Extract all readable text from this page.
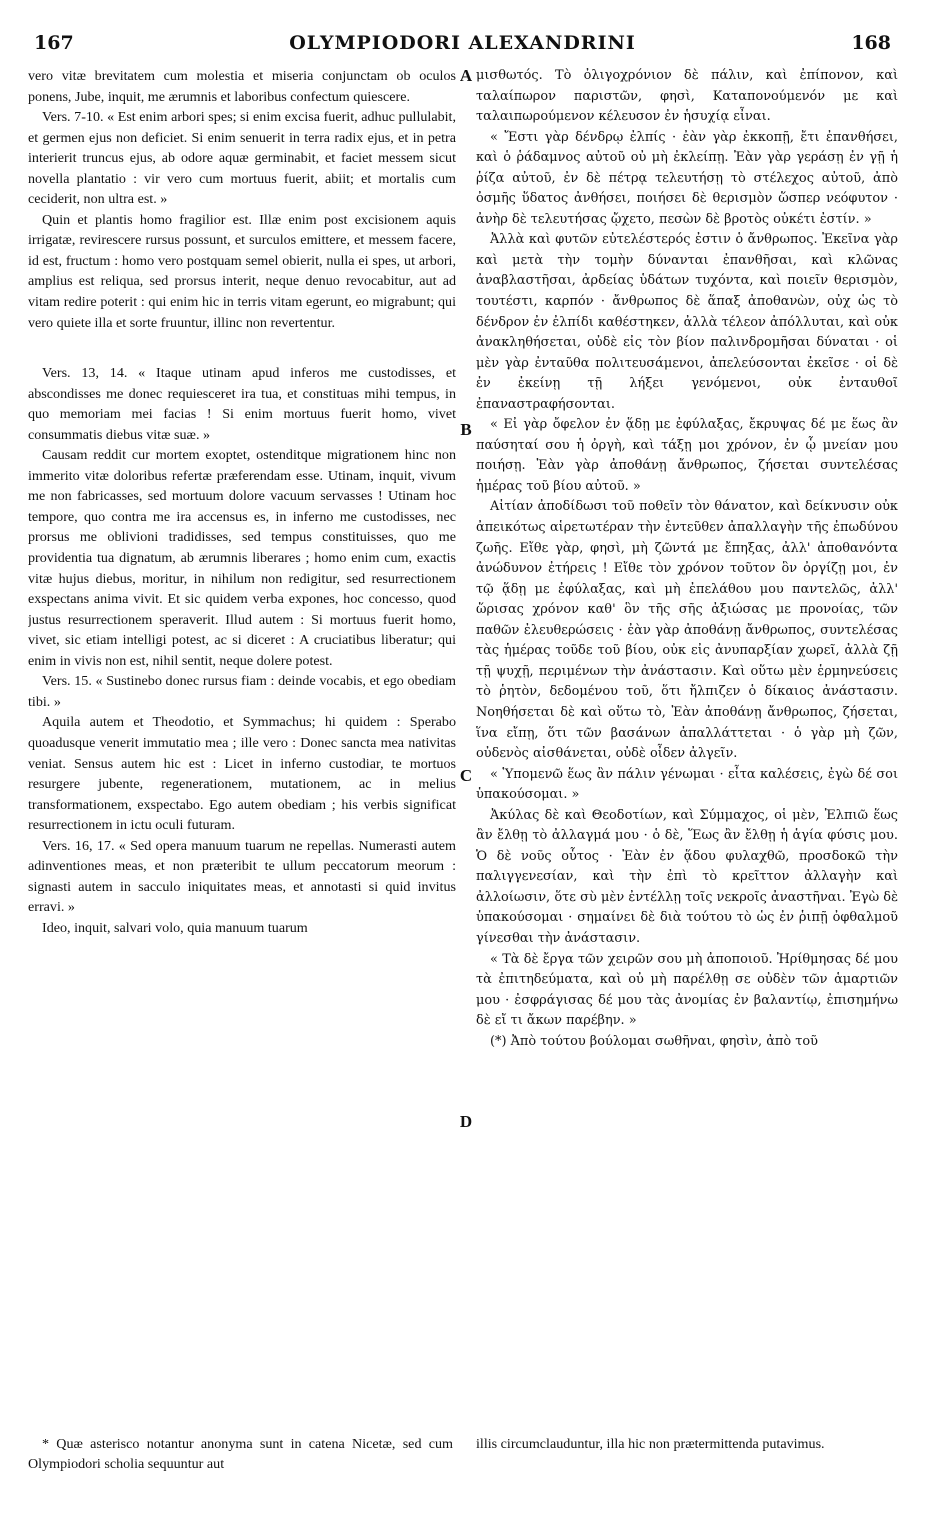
167	OLYMPIODORI ALEXANDRINI	168

vero vitæ brevitatem cum molestia et miseria conjunctam ob oculos ponens, Jube, inquit, me ærumnis et laboribus confectum quiescere.

Vers. 7-10. « Est enim arbori spes; si enim excisa fuerit, adhuc pullulabit, et germen ejus non deficiet. Si enim senuerit in terra radix ejus, et in petra interierit truncus ejus, ab odore aquæ germinabit, et faciet messem sicut novella plantatio : vir vero cum mortuus fuerit, abiit; et mortalis cum ceciderit, non ultra est. »

Quin et plantis homo fragilior est. Illæ enim post excisionem aquis irrigatæ, revirescere rursus possunt, et surculos emittere, et messem facere, id est, fructum : homo vero postquam semel obierit, nulla ei spes, ut arbori, amplius est reliqua, sed prorsus interit, neque denuo revocabitur, aut ad vitam redire poterit : qui enim hic in terris vitam egerunt, eo migrabunt; qui vero quiete illa et sorte fruuntur, illinc non revertentur.

Vers. 13, 14. « Itaque utinam apud inferos me custodisses, et abscondisses me donec requiesceret ira tua, et constituas mihi tempus, in quo memoriam mei facias ! Si enim mortuus fuerit homo, vivet consummatis diebus vitæ suæ. »

Causam reddit cur mortem exoptet, ostenditque migrationem hinc non immerito vitæ doloribus refertæ præferendam esse. Utinam, inquit, vivum me non fabricasses, sed mortuum dolore vacuum servasses ! Utinam hoc tempore, quo contra me ira accensus es, in inferno me custodisses, nec prorsus me oblivioni tradidisses, sed tempus constituisses, quo me providentia tua dignatum, ab ærumnis liberares ; homo enim cum, exactis vitæ hujus diebus, moritur, in nihilum non redigitur, sed resurrectionem exspectans anima vivit. Et sic quidem verba expones, hoc concesso, quod justus resurrectionem speraverit. Illud autem : Si mortuus fuerit homo, vivet, sic etiam intelligi potest, ac si diceret : A cruciatibus liberatur; qui enim in vivis non est, nihil sentit, neque dolere potest.

Vers. 15. « Sustinebo donec rursus fiam : deinde vocabis, et ego obediam tibi. »

Aquila autem et Theodotio, et Symmachus; hi quidem : Sperabo quoadusque venerit immutatio mea ; ille vero : Donec sancta mea nativitas veniat. Sensus autem hic est : Licet in inferno custodiar, te mortuos resurgere jubente, regenerationem, mutationem, ac in melius transformationem, exspectabo. Ego autem obediam ; his verbis significat resurrectionem in ictu oculi futuram.

Vers. 16, 17. « Sed opera manuum tuarum ne repellas. Numerasti autem adinventiones meas, et non præteribit te ullum peccatorum meorum : signasti autem in sacculo iniquitates meas, et annotasti si quid invitus erravi. »

Ideo, inquit, salvari volo, quia manuum tuarum

A
B
C
D

μισθωτός. Τὸ ὀλιγοχρόνιον δὲ πάλιν, καὶ ἐπίπονον, καὶ ταλαίπωρον παριστῶν, φησὶ, Καταπονούμενόν με καὶ ταλαιπωρούμενον κέλευσον ἐν ἡσυχίᾳ εἶναι.

« Ἔστι γὰρ δένδρῳ ἐλπίς · ἐὰν γὰρ ἐκκοπῇ, ἔτι ἐπανθήσει, καὶ ὁ ῥάδαμνος αὐτοῦ οὐ μὴ ἐκλείπῃ. Ἐὰν γὰρ γεράσῃ ἐν γῇ ἡ ῥίζα αὐτοῦ, ἐν δὲ πέτρᾳ τελευτήσῃ τὸ στέλεχος αὐτοῦ, ἀπὸ ὀσμῆς ὕδατος ἀνθήσει, ποιήσει δὲ θερισμὸν ὥσπερ νεόφυτον · ἀνὴρ δὲ τελευτήσας ᾤχετο, πεσὼν δὲ βροτὸς οὐκέτι ἐστίν. »

Ἀλλὰ καὶ φυτῶν εὐτελέστερός ἐστιν ὁ ἄνθρωπος. Ἐκεῖνα γὰρ καὶ μετὰ τὴν τομὴν δύνανται ἐπανθῆσαι, καὶ κλῶνας ἀναβλαστῆσαι, ἀρδείας ὑδάτων τυχόντα, καὶ ποιεῖν θερισμὸν, τουτέστι, καρπόν · ἄνθρωπος δὲ ἅπαξ ἀποθανὼν, οὐχ ὡς τὸ δένδρον ἐν ἐλπίδι καθέστηκεν, ἀλλὰ τέλεον ἀπόλλυται, καὶ οὐκ ἀνακληθήσεται, οὐδὲ εἰς τὸν βίον παλινδρομῆσαι δύναται · οἱ μὲν γὰρ ἐνταῦθα πολιτευσάμενοι, ἀπελεύσονται ἐκεῖσε · οἱ δὲ ἐν ἐκείνῃ τῇ λήξει γενόμενοι, οὐκ ἐνταυθοῖ ἐπαναστραφήσονται.

« Εἰ γὰρ ὄφελον ἐν ᾅδῃ με ἐφύλαξας, ἔκρυψας δέ με ἕως ἂν παύσηταί σου ἡ ὀργὴ, καὶ τάξῃ μοι χρόνον, ἐν ᾧ μνείαν μου ποιήσῃ. Ἐὰν γὰρ ἀποθάνῃ ἄνθρωπος, ζήσεται συντελέσας ἡμέρας τοῦ βίου αὐτοῦ. »

Αἰτίαν ἀποδίδωσι τοῦ ποθεῖν τὸν θάνατον, καὶ δείκνυσιν οὐκ ἀπεικότως αἱρετωτέραν τὴν ἐντεῦθεν ἀπαλλαγὴν τῆς ἐπωδύνου ζωῆς. Εἴθε γὰρ, φησὶ, μὴ ζῶντά με ἔπηξας, ἀλλ' ἀποθανόντα ἀνώδυνον ἐτήρεις ! Εἴθε τὸν χρόνον τοῦτον ὃν ὀργίζῃ μοι, ἐν τῷ ᾅδῃ με ἐφύλαξας, καὶ μὴ ἐπελάθου μου παντελῶς, ἀλλ' ὥρισας χρόνον καθ' ὃν τῆς σῆς ἀξιώσας με προνοίας, τῶν παθῶν ἐλευθερώσεις · ἐὰν γὰρ ἀποθάνῃ ἄνθρωπος, συντελέσας τὰς ἡμέρας τοῦδε τοῦ βίου, οὐκ εἰς ἀνυπαρξίαν χωρεῖ, ἀλλὰ ζῇ τῇ ψυχῇ, περιμένων τὴν ἀνάστασιν. Καὶ οὕτω μὲν ἑρμηνεύσεις τὸ ῥητὸν, δεδομένου τοῦ, ὅτι ἤλπιζεν ὁ δίκαιος ἀνάστασιν. Νοηθήσεται δὲ καὶ οὕτω τὸ, Ἐὰν ἀποθάνῃ ἄνθρωπος, ζήσεται, ἵνα εἴπῃ, ὅτι τῶν βασάνων ἀπαλλάττεται · ὁ γὰρ μὴ ζῶν, οὐδενὸς αἰσθάνεται, οὐδὲ οἶδεν ἀλγεῖν.

« Ὑπομενῶ ἕως ἂν πάλιν γένωμαι · εἶτα καλέσεις, ἐγὼ δέ σοι ὑπακούσομαι. »

Ἀκύλας δὲ καὶ Θεοδοτίων, καὶ Σύμμαχος, οἱ μὲν, Ἐλπιῶ ἕως ἂν ἔλθῃ τὸ ἀλλαγμά μου · ὁ δὲ, Ἕως ἂν ἔλθῃ ἡ ἁγία φύσις μου. Ὁ δὲ νοῦς οὗτος · Ἐὰν ἐν ᾅδου φυλαχθῶ, προσδοκῶ τὴν παλιγγενεσίαν, καὶ τὴν ἐπὶ τὸ κρεῖττον ἀλλαγὴν καὶ ἀλλοίωσιν, ὅτε σὺ μὲν ἐντέλλῃ τοῖς νεκροῖς ἀναστῆναι. Ἐγὼ δὲ ὑπακούσομαι · σημαίνει δὲ διὰ τούτου τὸ ὡς ἐν ῥιπῇ ὀφθαλμοῦ γίνεσθαι τὴν ἀνάστασιν.

« Τὰ δὲ ἔργα τῶν χειρῶν σου μὴ ἀποποιοῦ. Ἠρίθμησας δέ μου τὰ ἐπιτηδεύματα, καὶ οὐ μὴ παρέλθῃ σε οὐδὲν τῶν ἁμαρτιῶν μου · ἐσφράγισας δέ μου τὰς ἀνομίας ἐν βαλαντίῳ, ἐπισημήνω δὲ εἴ τι ἄκων παρέβην. »

(*) Ἀπὸ τούτου βούλομαι σωθῆναι, φησὶν, ἀπὸ τοῦ

* Quæ asterisco notantur anonyma sunt in catena Nicetæ, sed cum Olympiodori scholia sequuntur aut

illis circumclauduntur, illa hic non prætermittenda putavimus.
